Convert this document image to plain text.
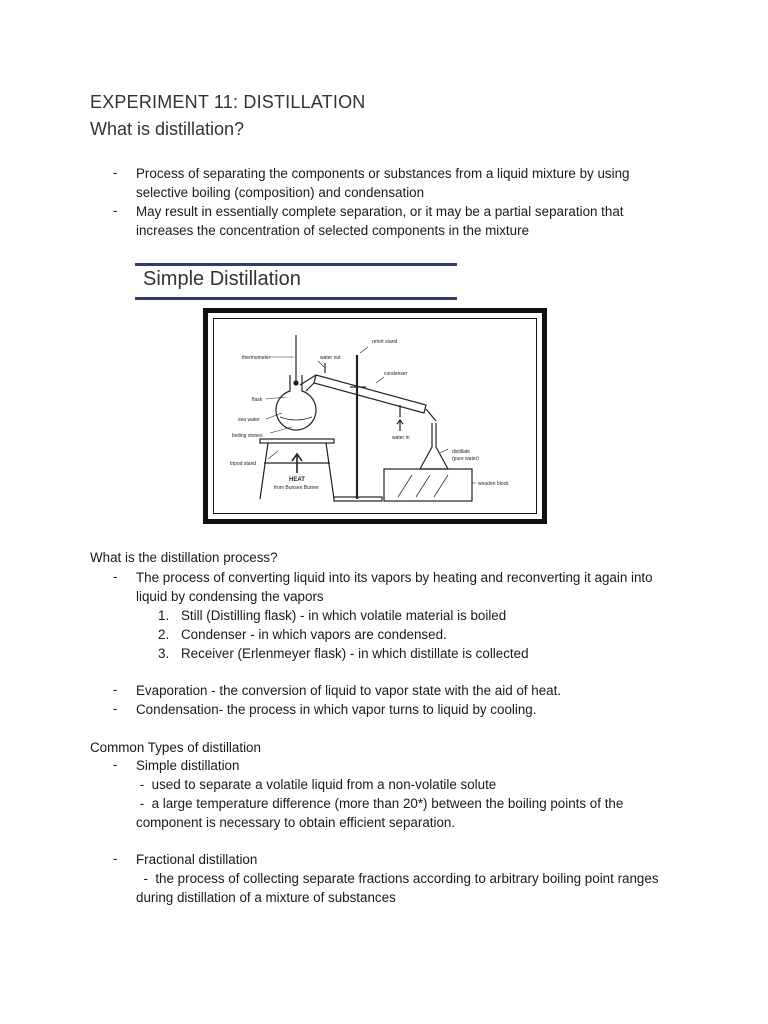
EXPERIMENT 11: DISTILLATION
What is distillation?
- Process of separating the components or substances from a liquid mixture by using
selective boiling (composition) and condensation
- May result in essentially complete separation, or it may be a partial separation that
increases the concentration of selected components in the mixture
Simple Distillation
thermometer	water out
retort stand
condenser
flask
sea water
boiling stones	water in
distillate
(pure water)
tripod stand
HEAT
from Bunsen Burner
wooden block
What is the distillation process?
- The process of converting liquid into its vapors by heating and reconverting it again into
liquid by condensing the vapors
1. Still (Distilling flask) - in which volatile material is boiled
2. Condenser - in which vapors are condensed.
3. Receiver (Erlenmeyer flask) - in which distillate is collected
- Evaporation - the conversion of liquid to vapor state with the aid of heat.
- Condensation- the process in which vapor turns to liquid by cooling.
Common Types of distillation
- Simple distillation
-  used to separate a volatile liquid from a non-volatile solute
-  a large temperature difference (more than 20*) between the boiling points of the
component is necessary to obtain efficient separation.
- Fractional distillation
-  the process of collecting separate fractions according to arbitrary boiling point ranges
during distillation of a mixture of substances
